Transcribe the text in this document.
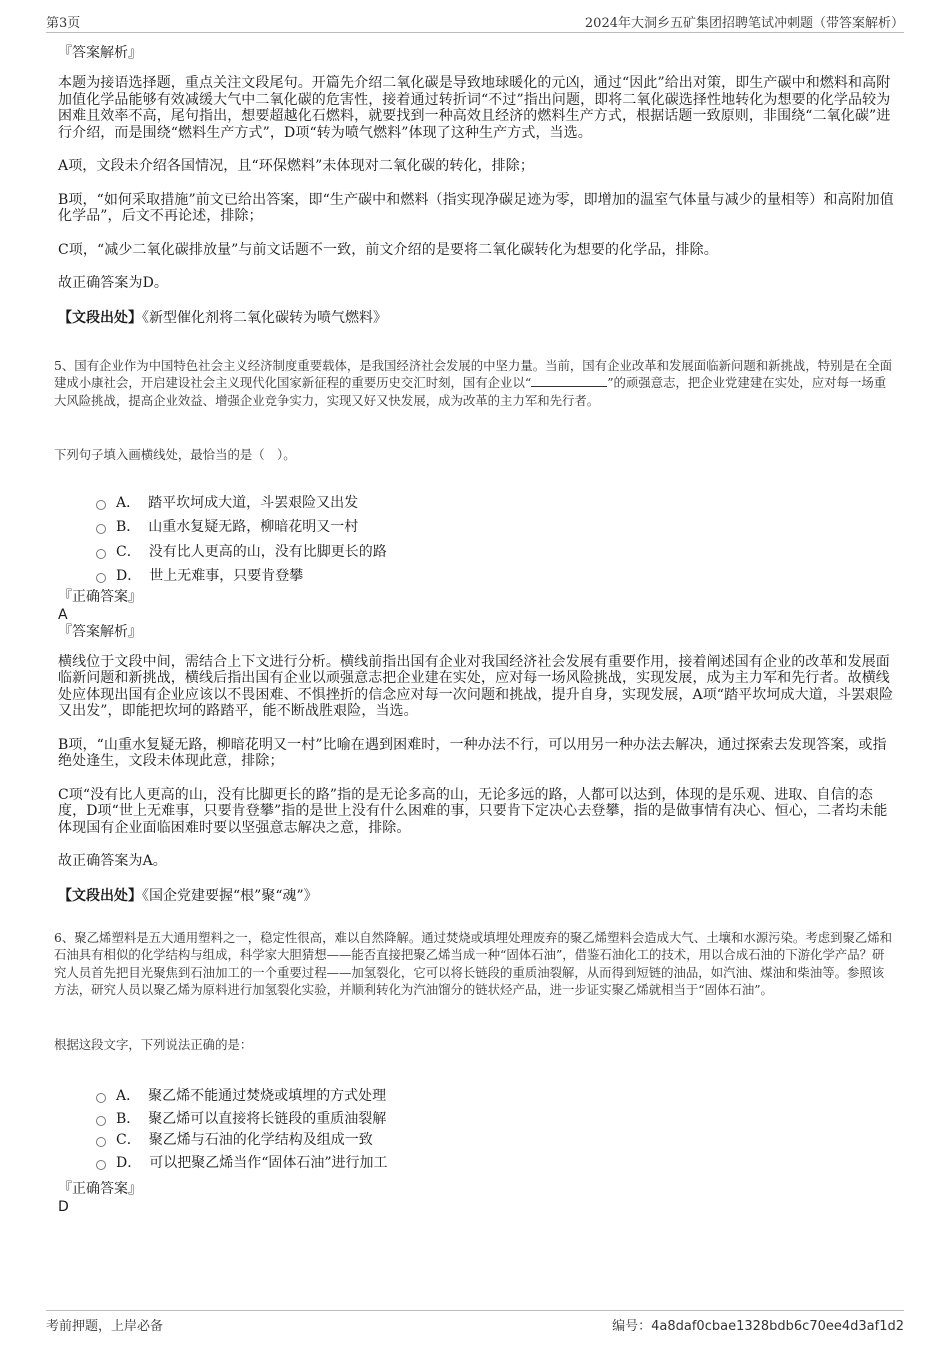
第3页	2024年大洞乡五矿集团招聘笔试冲刺题（带答案解析）

『答案解析』

本题为接语选择题，重点关注文段尾句。开篇先介绍二氧化碳是导致地球暖化的元凶，通过“因此”给出对策，即生产碳中和燃料和高附加值化学品能够有效减缓大气中二氧化碳的危害性，接着通过转折词“不过”指出问题，即将二氧化碳选择性地转化为想要的化学品较为困难且效率不高，尾句指出，想要超越化石燃料，就要找到一种高效且经济的燃料生产方式，根据话题一致原则，非围绕“二氧化碳”进行介绍，而是围绕“燃料生产方式”，D项“转为喷气燃料”体现了这种生产方式，当选。

A项，文段未介绍各国情况，且“环保燃料”未体现对二氧化碳的转化，排除；

B项，“如何采取措施”前文已给出答案，即“生产碳中和燃料（指实现净碳足迹为零，即增加的温室气体量与减少的量相等）和高附加值化学品”，后文不再论述，排除；

C项，“减少二氧化碳排放量”与前文话题不一致，前文介绍的是要将二氧化碳转化为想要的化学品，排除。

故正确答案为D。

【文段出处】《新型催化剂将二氧化碳转为喷气燃料》

5、国有企业作为中国特色社会主义经济制度重要载体，是我国经济社会发展的中坚力量。当前，国有企业改革和发展面临新问题和新挑战，特别是在全面建成小康社会，开启建设社会主义现代化国家新征程的重要历史交汇时刻，国有企业以“	”的顽强意志，把企业党建建在实处，应对每一场重大风险挑战，提高企业效益、增强企业竞争实力，实现又好又快发展，成为改革的主力军和先行者。

下列句子填入画横线处，最恰当的是（　）。

A． 踏平坎坷成大道，斗罢艰险又出发
B． 山重水复疑无路，柳暗花明又一村
C． 没有比人更高的山，没有比脚更长的路
D． 世上无难事，只要肯登攀

『正确答案』

A

『答案解析』

横线位于文段中间，需结合上下文进行分析。横线前指出国有企业对我国经济社会发展有重要作用，接着阐述国有企业的改革和发展面临新问题和新挑战，横线后指出国有企业以顽强意志把企业建在实处，应对每一场风险挑战，实现发展，成为主力军和先行者。故横线处应体现出国有企业应该以不畏困难、不惧挫折的信念应对每一次问题和挑战，提升自身，实现发展，A项“踏平坎坷成大道，斗罢艰险又出发”，即能把坎坷的路踏平，能不断战胜艰险，当选。

B项，“山重水复疑无路，柳暗花明又一村”比喻在遇到困难时，一种办法不行，可以用另一种办法去解决，通过探索去发现答案，或指绝处逢生，文段未体现此意，排除；

C项“没有比人更高的山，没有比脚更长的路”指的是无论多高的山，无论多远的路，人都可以达到，体现的是乐观、进取、自信的态度，D项“世上无难事，只要肯登攀”指的是世上没有什么困难的事，只要肯下定决心去登攀，指的是做事情有决心、恒心，二者均未能体现国有企业面临困难时要以坚强意志解决之意，排除。

故正确答案为A。

【文段出处】《国企党建要握“根”聚“魂”》

6、聚乙烯塑料是五大通用塑料之一，稳定性很高，难以自然降解。通过焚烧或填埋处理废弃的聚乙烯塑料会造成大气、土壤和水源污染。考虑到聚乙烯和石油具有相似的化学结构与组成，科学家大胆猜想——能否直接把聚乙烯当成一种“固体石油”，借鉴石油化工的技术，用以合成石油的下游化学产品？研究人员首先把目光聚焦到石油加工的一个重要过程——加氢裂化，它可以将长链段的重质油裂解，从而得到短链的油品，如汽油、煤油和柴油等。参照该方法，研究人员以聚乙烯为原料进行加氢裂化实验，并顺利转化为汽油馏分的链状烃产品，进一步证实聚乙烯就相当于“固体石油”。

根据这段文字，下列说法正确的是：

A． 聚乙烯不能通过焚烧或填埋的方式处理
B． 聚乙烯可以直接将长链段的重质油裂解
C． 聚乙烯与石油的化学结构及组成一致
D． 可以把聚乙烯当作“固体石油”进行加工

『正确答案』

D

考前押题，上岸必备	编号：4a8daf0cbae1328bdb6c70ee4d3af1d2
